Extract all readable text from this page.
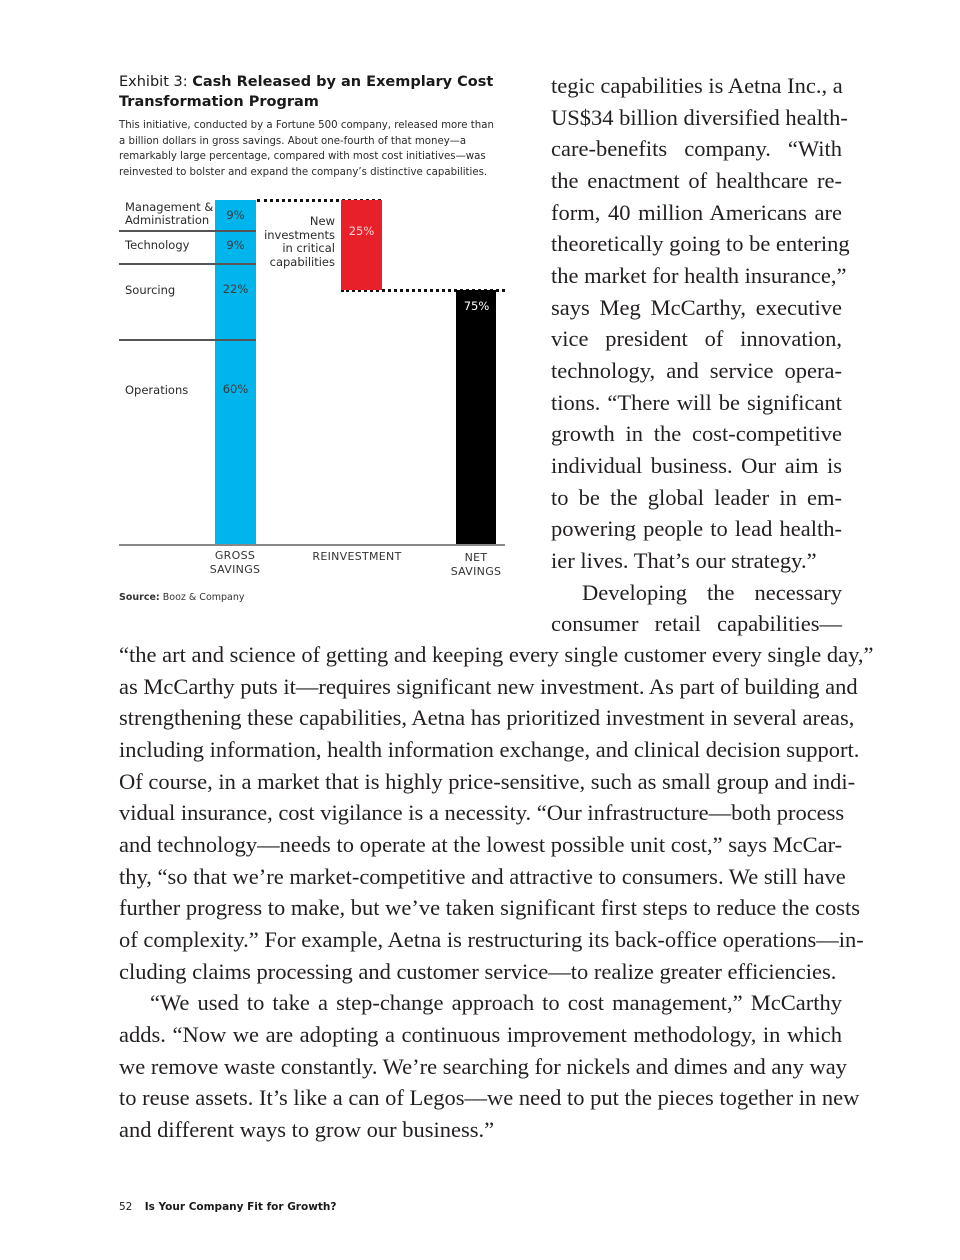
Exhibit 3: Cash Released by an Exemplary Cost
Transformation Program
This initiative, conducted by a Fortune 500 company, released more than
a billion dollars in gross savings. About one-fourth of that money—a
remarkably large percentage, compared with most cost initiatives—was
reinvested to bolster and expand the company’s distinctive capabilities.
Management &
Administration	9%
Technology	9%
Sourcing	22%
Operations	60%
New
investments
in critical
capabilities
25%
75%
GROSS
SAVINGS
REINVESTMENT	NET
SAVINGS
Source: Booz & Company
tegic capabilities is Aetna Inc., a
US$34 billion diversified health-
care-benefits company. “With
the enactment of healthcare re-
form, 40 million Americans are
theoretically going to be entering
the market for health insurance,”
says Meg McCarthy, executive
vice president of innovation,
technology, and service opera-
tions. “There will be significant
growth in the cost-competitive
individual business. Our aim is
to be the global leader in em-
powering people to lead health-
ier lives. That’s our strategy.”
Developing the necessary
consumer retail capabilities—
“the art and science of getting and keeping every single customer every single day,”
as McCarthy puts it—requires significant new investment. As part of building and
strengthening these capabilities, Aetna has prioritized investment in several areas,
including information, health information exchange, and clinical decision support.
Of course, in a market that is highly price-sensitive, such as small group and indi-
vidual insurance, cost vigilance is a necessity. “Our infrastructure—both process
and technology—needs to operate at the lowest possible unit cost,” says McCar-
thy, “so that we’re market-competitive and attractive to consumers. We still have
further progress to make, but we’ve taken significant first steps to reduce the costs
of complexity.” For example, Aetna is restructuring its back-office operations—in-
cluding claims processing and customer service—to realize greater efficiencies.
“We used to take a step-change approach to cost management,” McCarthy
adds. “Now we are adopting a continuous improvement methodology, in which
we remove waste constantly. We’re searching for nickels and dimes and any way
to reuse assets. It’s like a can of Legos—we need to put the pieces together in new
and different ways to grow our business.”
52 Is Your Company Fit for Growth?
